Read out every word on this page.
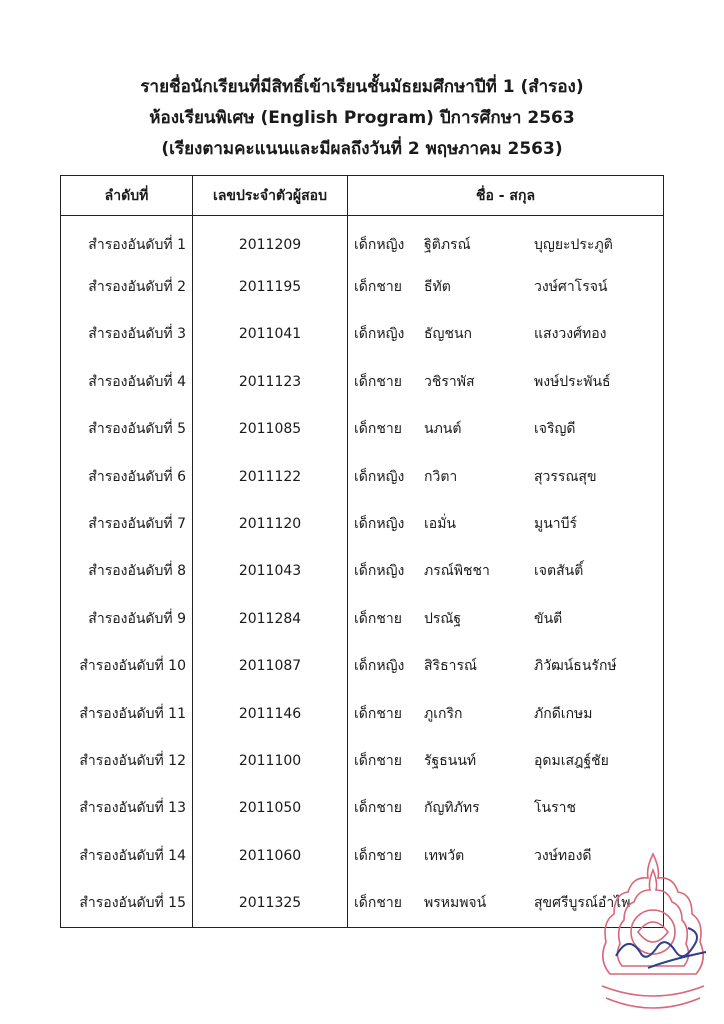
รายชื่อนักเรียนที่มีสิทธิ์เข้าเรียนชั้นมัธยมศึกษาปีที่ 1 (สำรอง)
ห้องเรียนพิเศษ (English Program) ปีการศึกษา 2563
(เรียงตามคะแนนและมีผลถึงวันที่ 2 พฤษภาคม 2563)
ลำดับที่	เลขประจำตัวผู้สอบ	ชื่อ - สกุล
สำรองอันดับที่ 1	2011209	เด็กหญิง ฐิติภรณ์ บุญยะประภูติ

สำรองอันดับที่ 2	2011195	เด็กชาย ธีทัต วงษ์ศาโรจน์

สำรองอันดับที่ 3	2011041	เด็กหญิง ธัญชนก แสงวงศ์ทอง

สำรองอันดับที่ 4	2011123	เด็กชาย วชิราพัส พงษ์ประพันธ์

สำรองอันดับที่ 5	2011085	เด็กชาย นภนต์ เจริญดี

สำรองอันดับที่ 6	2011122	เด็กหญิง กวิตา สุวรรณสุข

สำรองอันดับที่ 7	2011120	เด็กหญิง เอมั่น มูนาบีร์

สำรองอันดับที่ 8	2011043	เด็กหญิง ภรณ์พิชชา เจตสันติ์

สำรองอันดับที่ 9	2011284	เด็กชาย ปรณัฐ ขันตี

สำรองอันดับที่ 10	2011087	เด็กหญิง สิริธารณ์ ภิวัฒน์ธนรักษ์

สำรองอันดับที่ 11	2011146	เด็กชาย ภูเกริก ภักดีเกษม

สำรองอันดับที่ 12	2011100	เด็กชาย รัฐธนนท์ อุดมเสฎฐ์ชัย

สำรองอันดับที่ 13	2011050	เด็กชาย กัญทิภัทร โนราช

สำรองอันดับที่ 14	2011060	เด็กชาย เทพวัต วงษ์ทองดี

สำรองอันดับที่ 15	2011325	เด็กชาย พรหมพจน์ สุขศรีบูรณ์อำไพ
